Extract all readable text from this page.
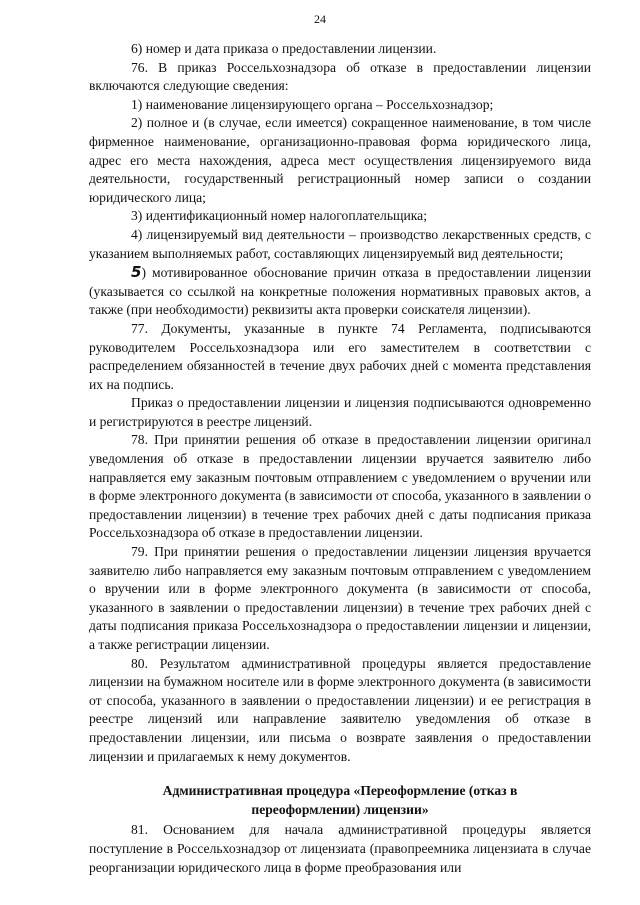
24

6) номер и дата приказа о предоставлении лицензии.

76. В приказ Россельхознадзора об отказе в предоставлении лицензии включаются следующие сведения:

1) наименование лицензирующего органа – Россельхознадзор;

2) полное и (в случае, если имеется) сокращенное наименование, в том числе фирменное наименование, организационно-правовая форма юридического лица, адрес его места нахождения, адреса мест осуществления лицензируемого вида деятельности, государственный регистрационный номер записи о создании юридического лица;

3) идентификационный номер налогоплательщика;

4) лицензируемый вид деятельности – производство лекарственных средств, с указанием выполняемых работ, составляющих лицензируемый вид деятельности;

5) мотивированное обоснование причин отказа в предоставлении лицензии (указывается со ссылкой на конкретные положения нормативных правовых актов, а также (при необходимости) реквизиты акта проверки соискателя лицензии).

77. Документы, указанные в пункте 74 Регламента, подписываются руководителем Россельхознадзора или его заместителем в соответствии с распределением обязанностей в течение двух рабочих дней с момента представления их на подпись.

Приказ о предоставлении лицензии и лицензия подписываются одновременно и регистрируются в реестре лицензий.

78. При принятии решения об отказе в предоставлении лицензии оригинал уведомления об отказе в предоставлении лицензии вручается заявителю либо направляется ему заказным почтовым отправлением с уведомлением о вручении или в форме электронного документа (в зависимости от способа, указанного в заявлении о предоставлении лицензии) в течение трех рабочих дней с даты подписания приказа Россельхознадзора об отказе в предоставлении лицензии.

79. При принятии решения о предоставлении лицензии лицензия вручается заявителю либо направляется ему заказным почтовым отправлением с уведомлением о вручении или в форме электронного документа (в зависимости от способа, указанного в заявлении о предоставлении лицензии) в течение трех рабочих дней с даты подписания приказа Россельхознадзора о предоставлении лицензии и лицензии, а также регистрации лицензии.

80. Результатом административной процедуры является предоставление лицензии на бумажном носителе или в форме электронного документа (в зависимости от способа, указанного в заявлении о предоставлении лицензии) и ее регистрация в реестре лицензий или направление заявителю уведомления об отказе в предоставлении лицензии, или письма о возврате заявления о предоставлении лицензии и прилагаемых к нему документов.

Административная процедура «Переоформление (отказ в переоформлении) лицензии»

81. Основанием для начала административной процедуры является поступление в Россельхознадзор от лицензиата (правопреемника лицензиата в случае реорганизации юридического лица в форме преобразования или
